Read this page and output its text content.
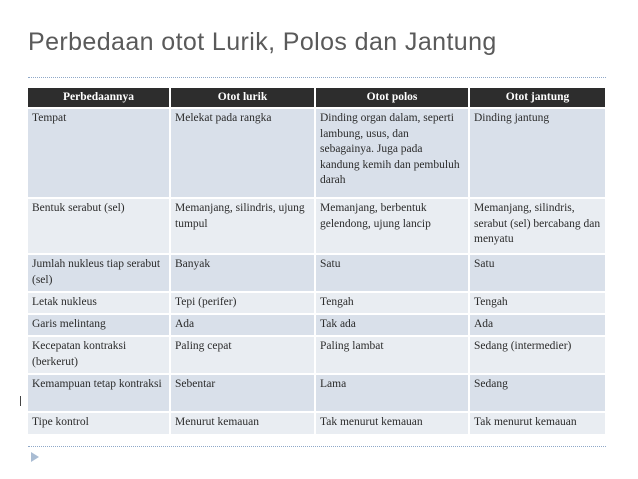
Perbedaan otot Lurik, Polos dan Jantung
Perbedaannya	Otot lurik	Otot polos	Otot jantung
Tempat	Melekat pada rangka	Dinding organ dalam, seperti lambung, usus, dan sebagainya. Juga pada kandung kemih dan pembuluh darah	Dinding jantung
Bentuk serabut (sel)	Memanjang, silindris, ujung tumpul	Memanjang, berbentuk gelendong, ujung lancip	Memanjang, silindris, serabut (sel) bercabang dan menyatu
Jumlah nukleus tiap serabut (sel)	Banyak	Satu	Satu
Letak nukleus	Tepi (perifer)	Tengah	Tengah
Garis melintang	Ada	Tak ada	Ada
Kecepatan kontraksi (berkerut)	Paling cepat	Paling lambat	Sedang (intermedier)
Kemampuan tetap kontraksi	Sebentar	Lama	Sedang
Tipe kontrol	Menurut kemauan	Tak menurut kemauan	Tak menurut kemauan
